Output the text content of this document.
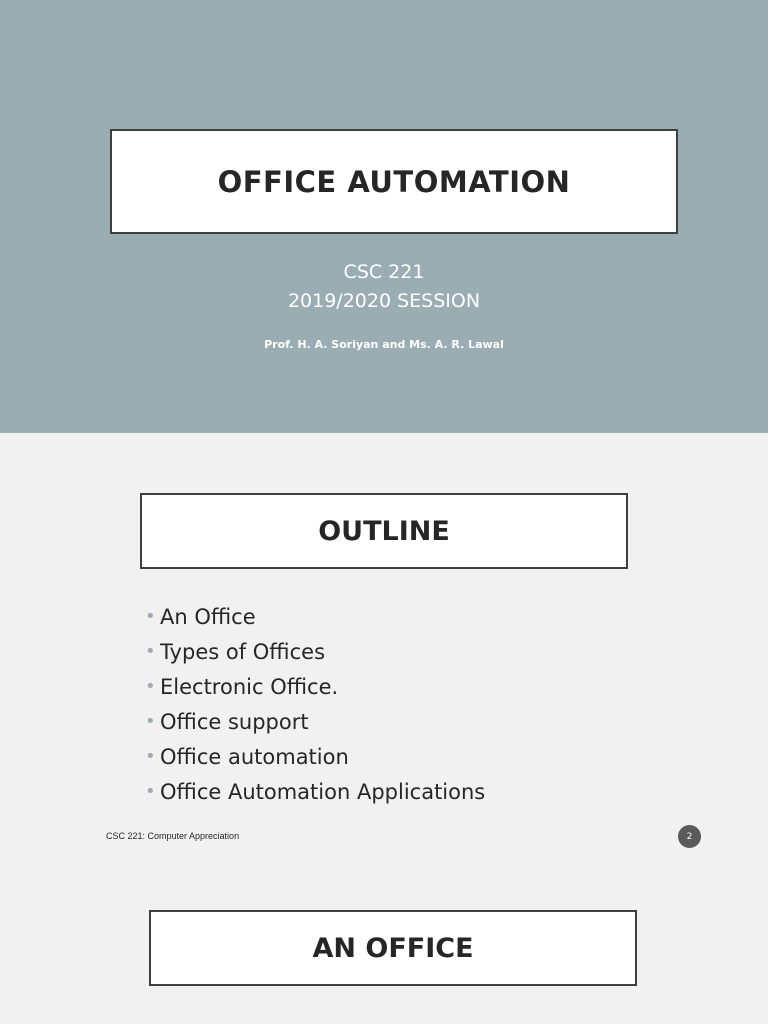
OFFICE AUTOMATION
CSC 221
2019/2020 SESSION
Prof. H. A. Soriyan and Ms. A. R. Lawal
OUTLINE
• An Office
• Types of Offices
• Electronic Office.
• Office support
• Office automation
• Office Automation Applications
CSC 221: Computer Appreciation	2
AN OFFICE
